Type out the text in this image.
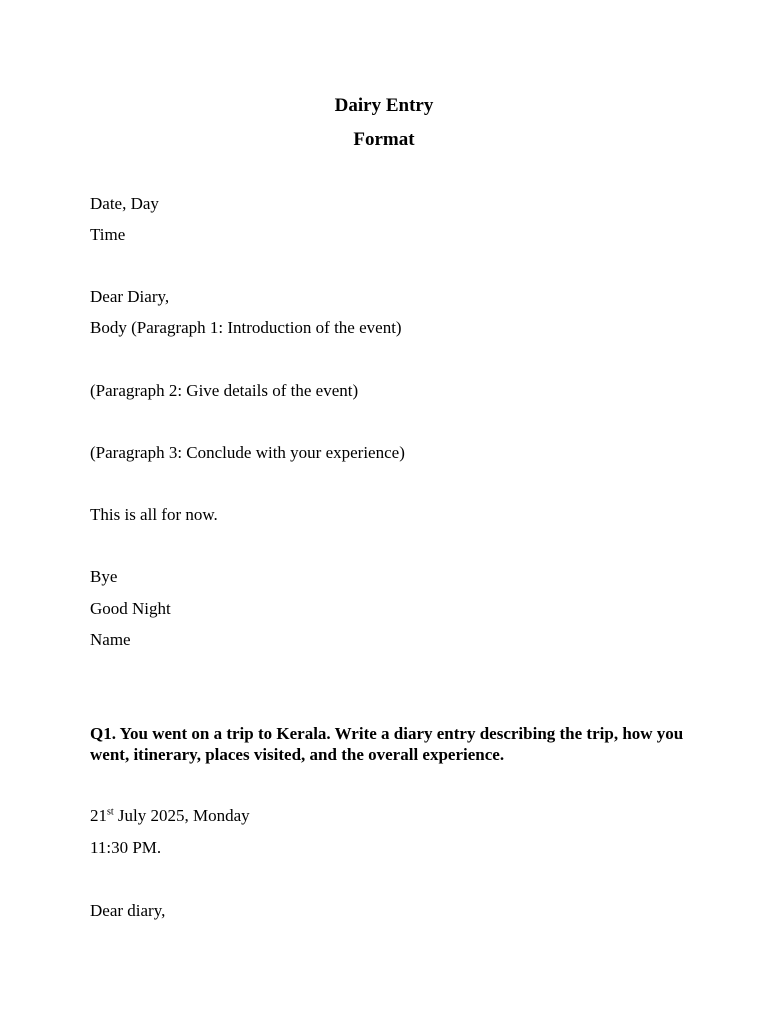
Dairy Entry
Format
Date, Day
Time
Dear Diary,
Body (Paragraph 1: Introduction of the event)
(Paragraph 2: Give details of the event)
(Paragraph 3: Conclude with your experience)
This is all for now.
Bye
Good Night
Name
Q1. You went on a trip to Kerala. Write a diary entry describing the trip, how you went, itinerary, places visited, and the overall experience.
21st July 2025, Monday
11:30 PM.
Dear diary,
